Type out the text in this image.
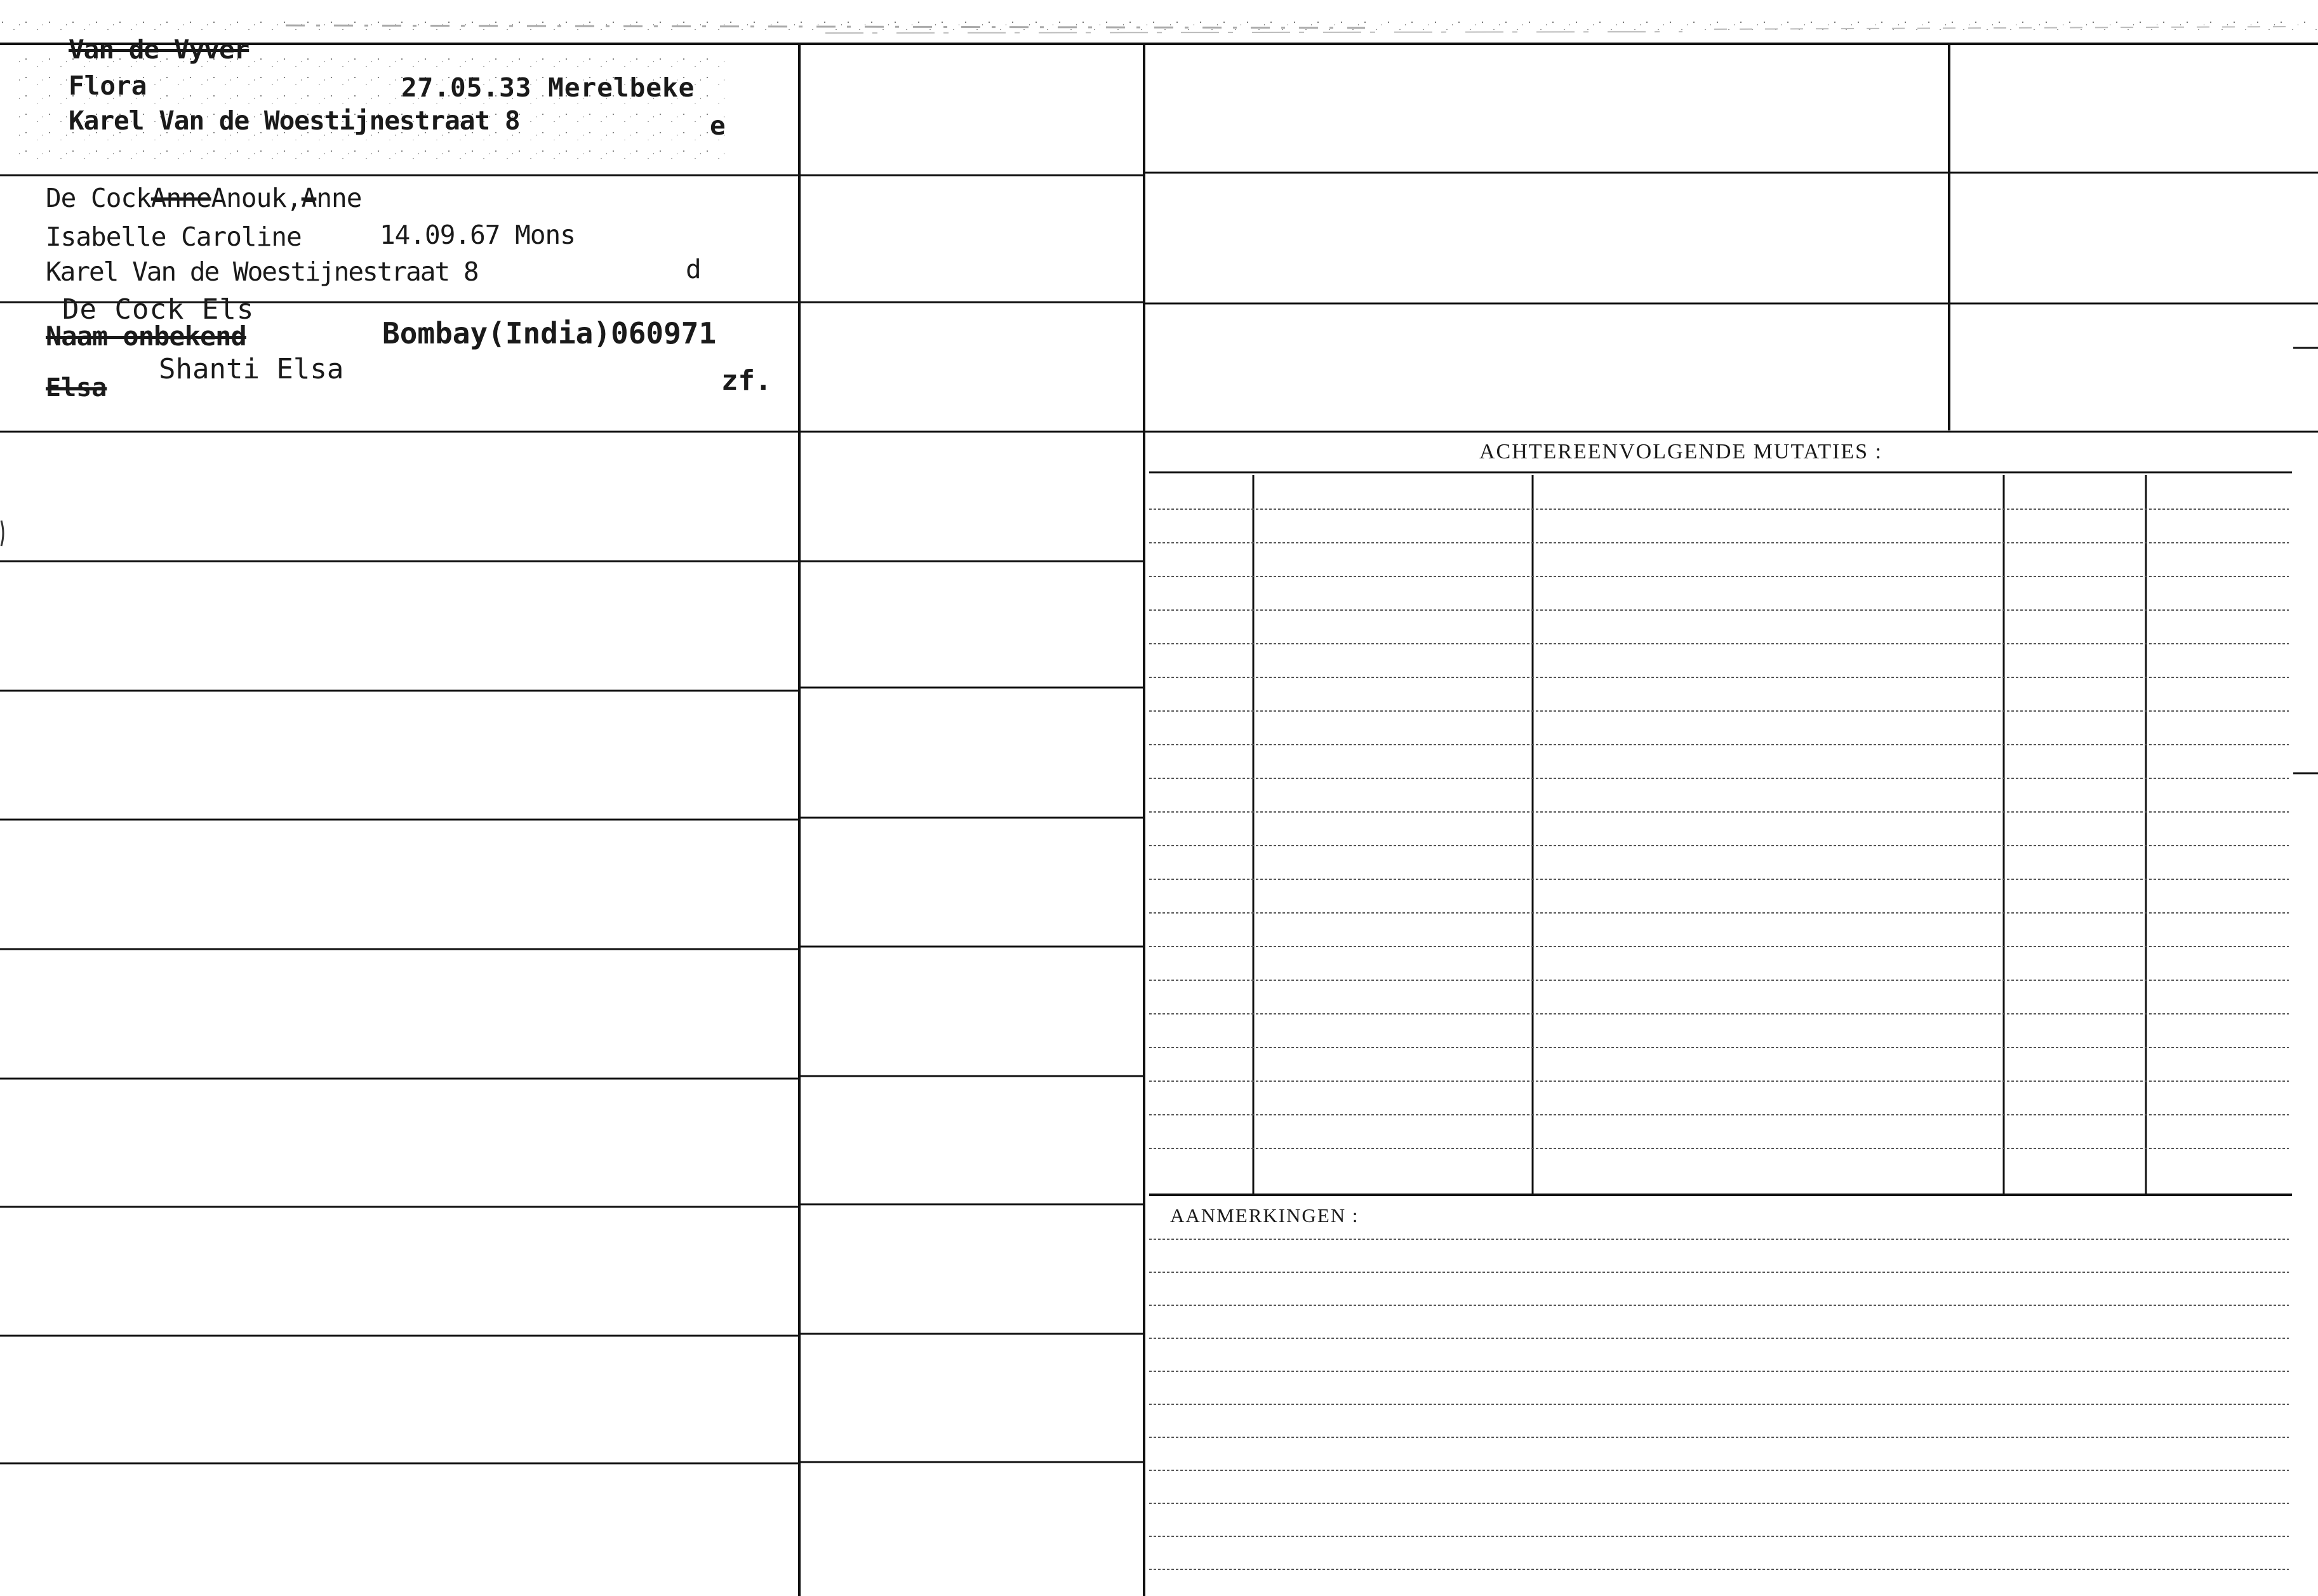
ACHTEREENVOLGENDE MUTATIES :
AANMERKINGEN :
Van de Vyver
Flora	27.05.33 Merelbeke
Karel Van de Woestijnestraat 8	e
De CockAnneAnouk,Anne
Isabelle Caroline	14.09.67 Mons
Karel Van de Woestijnestraat 8	d
De Cock Els
Naam onbekend	Bombay(India)060971
Elsa
Shanti Elsa	zf.
